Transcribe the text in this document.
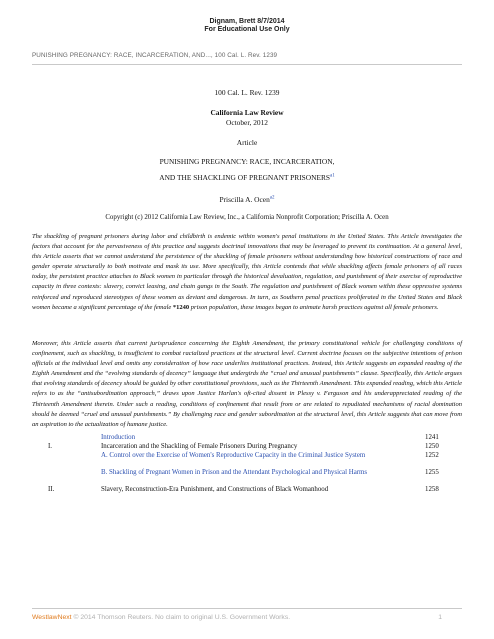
Dignam, Brett 8/7/2014
For Educational Use Only
PUNISHING PREGNANCY: RACE, INCARCERATION, AND..., 100 Cal. L. Rev. 1239
100 Cal. L. Rev. 1239
California Law Review
October, 2012
Article
PUNISHING PREGNANCY: RACE, INCARCERATION,
AND THE SHACKLING OF PREGNANT $PRISONERS^{a1}$
Priscilla A. Ocen$^{a2}$
Copyright (c) 2012 California Law Review, Inc., a California Nonprofit Corporation; Priscilla A. Ocen

The shackling of pregnant prisoners during labor and childbirth is endemic within women's penal institutions in the United States. This Article investigates the factors that account for the pervasiveness of this practice and suggests doctrinal innovations that may be leveraged to prevent its continuation. At a general level, this Article asserts that we cannot understand the persistence of the shackling of female prisoners without understanding how historical constructions of race and gender operate structurally to both motivate and mask its use. More specifically, this Article contends that while shackling affects female prisoners of all races today, the persistent practice attaches to Black women in particular through the historical devaluation, regulation, and punishment of their exercise of reproductive capacity in three contexts: slavery, convict leasing, and chain gangs in the South. The regulation and punishment of Black women within these oppressive systems reinforced and reproduced stereotypes of these women as deviant and dangerous. In turn, as Southern penal practices proliferated in the United States and Black women became a significant percentage of the female *1240 prison population, these images began to animate harsh practices against all female prisoners.

Moreover, this Article asserts that current jurisprudence concerning the Eighth Amendment, the primary constitutional vehicle for challenging conditions of confinement, such as shackling, is insufficient to combat racialized practices at the structural level. Current doctrine focuses on the subjective intentions of prison officials at the individual level and omits any consideration of how race underlies institutional practices. Instead, this Article suggests an expanded reading of the Eighth Amendment and the “evolving standards of decency” language that undergirds the “cruel and unusual punishments” clause. Specifically, this Article argues that evolving standards of decency should be guided by other constitutional provisions, such as the Thirteenth Amendment. This expanded reading, which this Article refers to as the “antisubordination approach,” draws upon Justice Harlan's oft-cited dissent in Plessy v. Ferguson and his underappreciated reading of the Thirteenth Amendment therein. Under such a reading, conditions of confinement that result from or are related to repudiated mechanisms of racial domination should be deemed “cruel and unusual punishments.” By challenging race and gender subordination at the structural level, this Article suggests that can move from an aspiration to the actualization of humane justice.

Introduction	1241
I.	Incarceration and the Shackling of Female Prisoners During Pregnancy	1250
A. Control over the Exercise of Women's Reproductive Capacity in the Criminal Justice System	1252
B. Shackling of Pregnant Women in Prison and the Attendant Psychological and Physical Harms	1255
II.	Slavery, Reconstruction-Era Punishment, and Constructions of Black Womanhood	1258
WestlawNext © 2014 Thomson Reuters. No claim to original U.S. Government Works.	1
